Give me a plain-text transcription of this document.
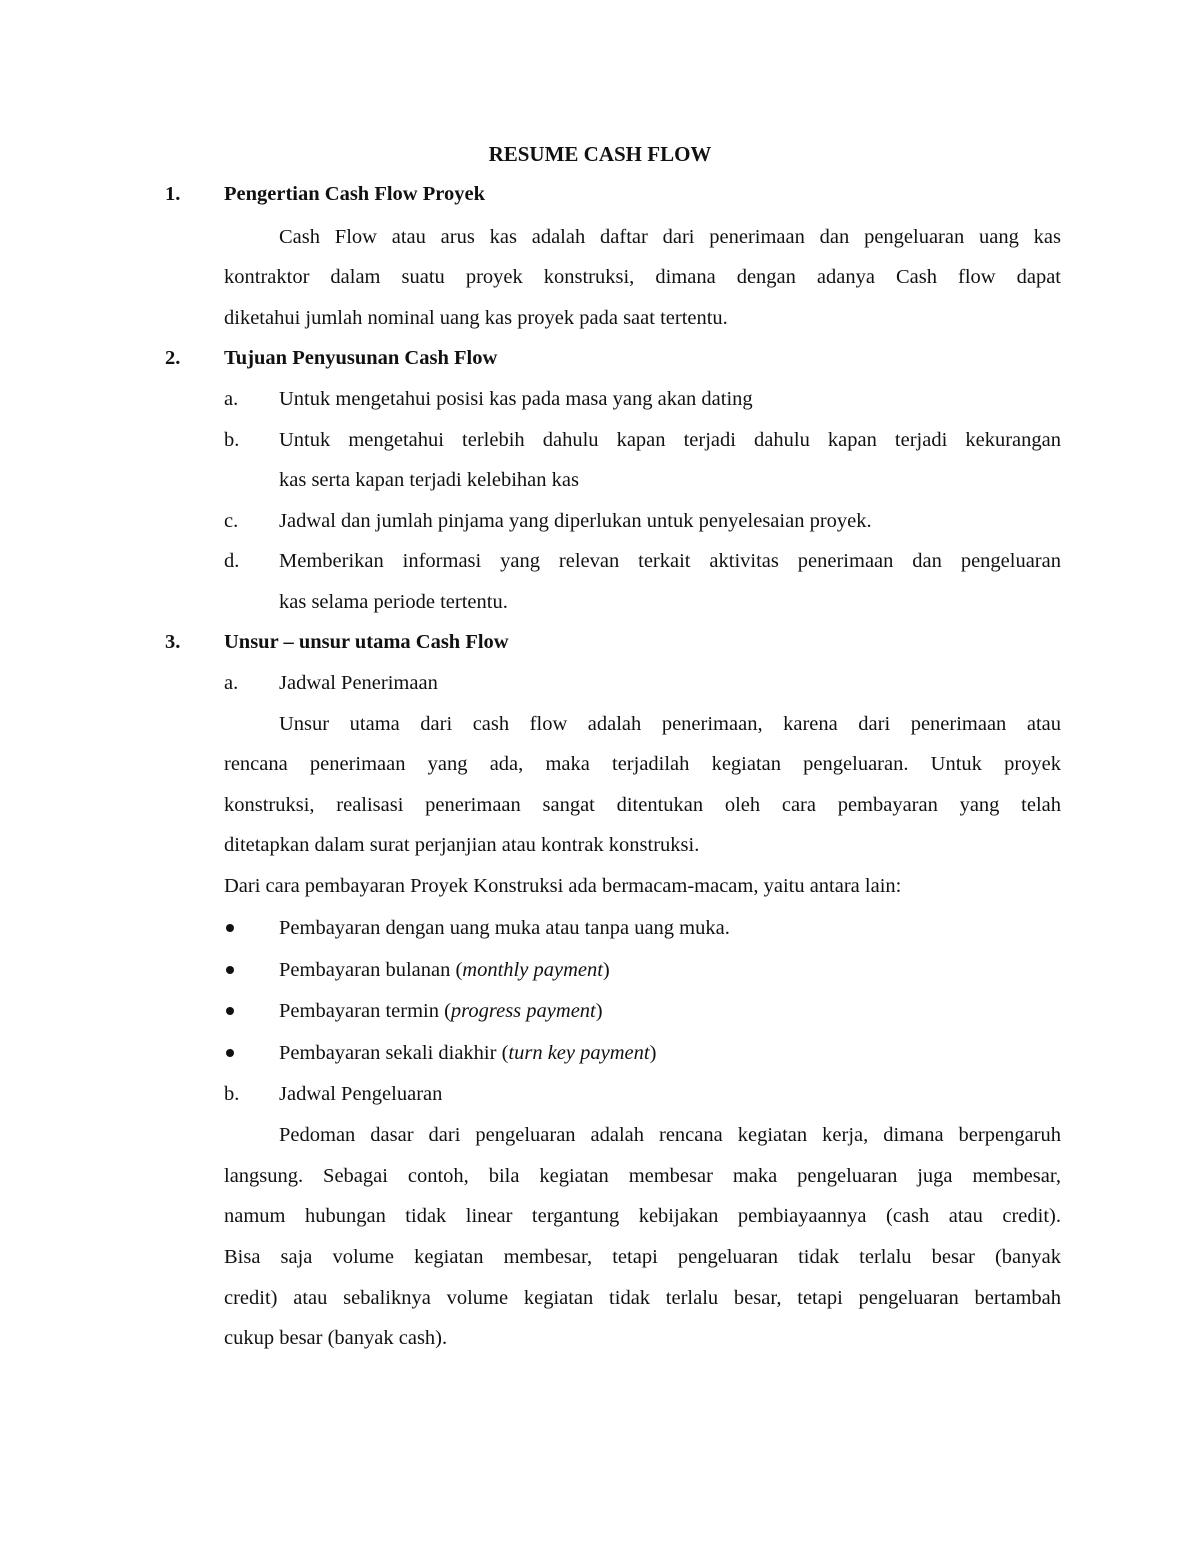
RESUME CASH FLOW
1. Pengertian Cash Flow Proyek
Cash Flow atau arus kas adalah daftar dari penerimaan dan pengeluaran uang kas
kontraktor dalam suatu proyek konstruksi, dimana dengan adanya Cash flow dapat
diketahui jumlah nominal uang kas proyek pada saat tertentu.
2. Tujuan Penyusunan Cash Flow
a. Untuk mengetahui posisi kas pada masa yang akan dating
b. Untuk mengetahui terlebih dahulu kapan terjadi dahulu kapan terjadi kekurangan
kas serta kapan terjadi kelebihan kas
c. Jadwal dan jumlah pinjama yang diperlukan untuk penyelesaian proyek.
d. Memberikan informasi yang relevan terkait aktivitas penerimaan dan pengeluaran
kas selama periode tertentu.
3. Unsur – unsur utama Cash Flow
a. Jadwal Penerimaan
Unsur utama dari cash flow adalah penerimaan, karena dari penerimaan atau
rencana penerimaan yang ada, maka terjadilah kegiatan pengeluaran. Untuk proyek
konstruksi, realisasi penerimaan sangat ditentukan oleh cara pembayaran yang telah
ditetapkan dalam surat perjanjian atau kontrak konstruksi.
Dari cara pembayaran Proyek Konstruksi ada bermacam-macam, yaitu antara lain:
Pembayaran dengan uang muka atau tanpa uang muka.
Pembayaran bulanan (monthly payment)
Pembayaran termin (progress payment)
Pembayaran sekali diakhir (turn key payment)
b. Jadwal Pengeluaran
Pedoman dasar dari pengeluaran adalah rencana kegiatan kerja, dimana berpengaruh
langsung. Sebagai contoh, bila kegiatan membesar maka pengeluaran juga membesar,
namum hubungan tidak linear tergantung kebijakan pembiayaannya (cash atau credit).
Bisa saja volume kegiatan membesar, tetapi pengeluaran tidak terlalu besar (banyak
credit) atau sebaliknya volume kegiatan tidak terlalu besar, tetapi pengeluaran bertambah
cukup besar (banyak cash).
